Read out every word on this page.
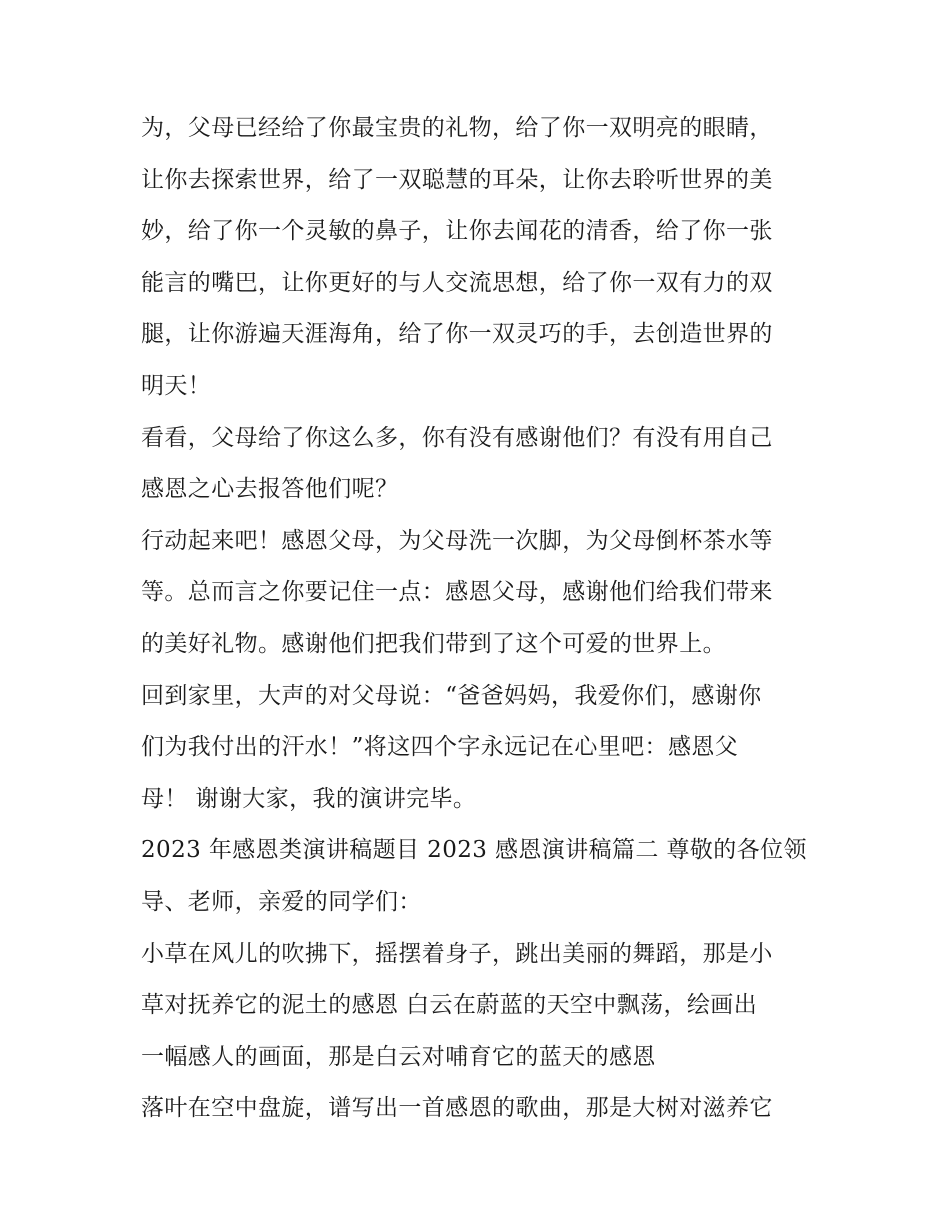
为，父母已经给了你最宝贵的礼物，给了你一双明亮的眼睛，
让你去探索世界，给了一双聪慧的耳朵，让你去聆听世界的美
妙，给了你一个灵敏的鼻子，让你去闻花的清香，给了你一张
能言的嘴巴，让你更好的与人交流思想，给了你一双有力的双
腿，让你游遍天涯海角，给了你一双灵巧的手，去创造世界的
明天！
看看，父母给了你这么多，你有没有感谢他们？有没有用自己
感恩之心去报答他们呢？
行动起来吧！感恩父母，为父母洗一次脚，为父母倒杯茶水等
等。总而言之你要记住一点：感恩父母，感谢他们给我们带来
的美好礼物。感谢他们把我们带到了这个可爱的世界上。
回到家里，大声的对父母说：“爸爸妈妈，我爱你们，感谢你
们为我付出的汗水！”将这四个字永远记在心里吧：感恩父
母！ 谢谢大家，我的演讲完毕。
2023 年感恩类演讲稿题目 2023 感恩演讲稿篇二 尊敬的各位领
导、老师，亲爱的同学们：
小草在风儿的吹拂下，摇摆着身子，跳出美丽的舞蹈，那是小
草对抚养它的泥土的感恩 白云在蔚蓝的天空中飘荡，绘画出
一幅感人的画面，那是白云对哺育它的蓝天的感恩
落叶在空中盘旋，谱写出一首感恩的歌曲，那是大树对滋养它
